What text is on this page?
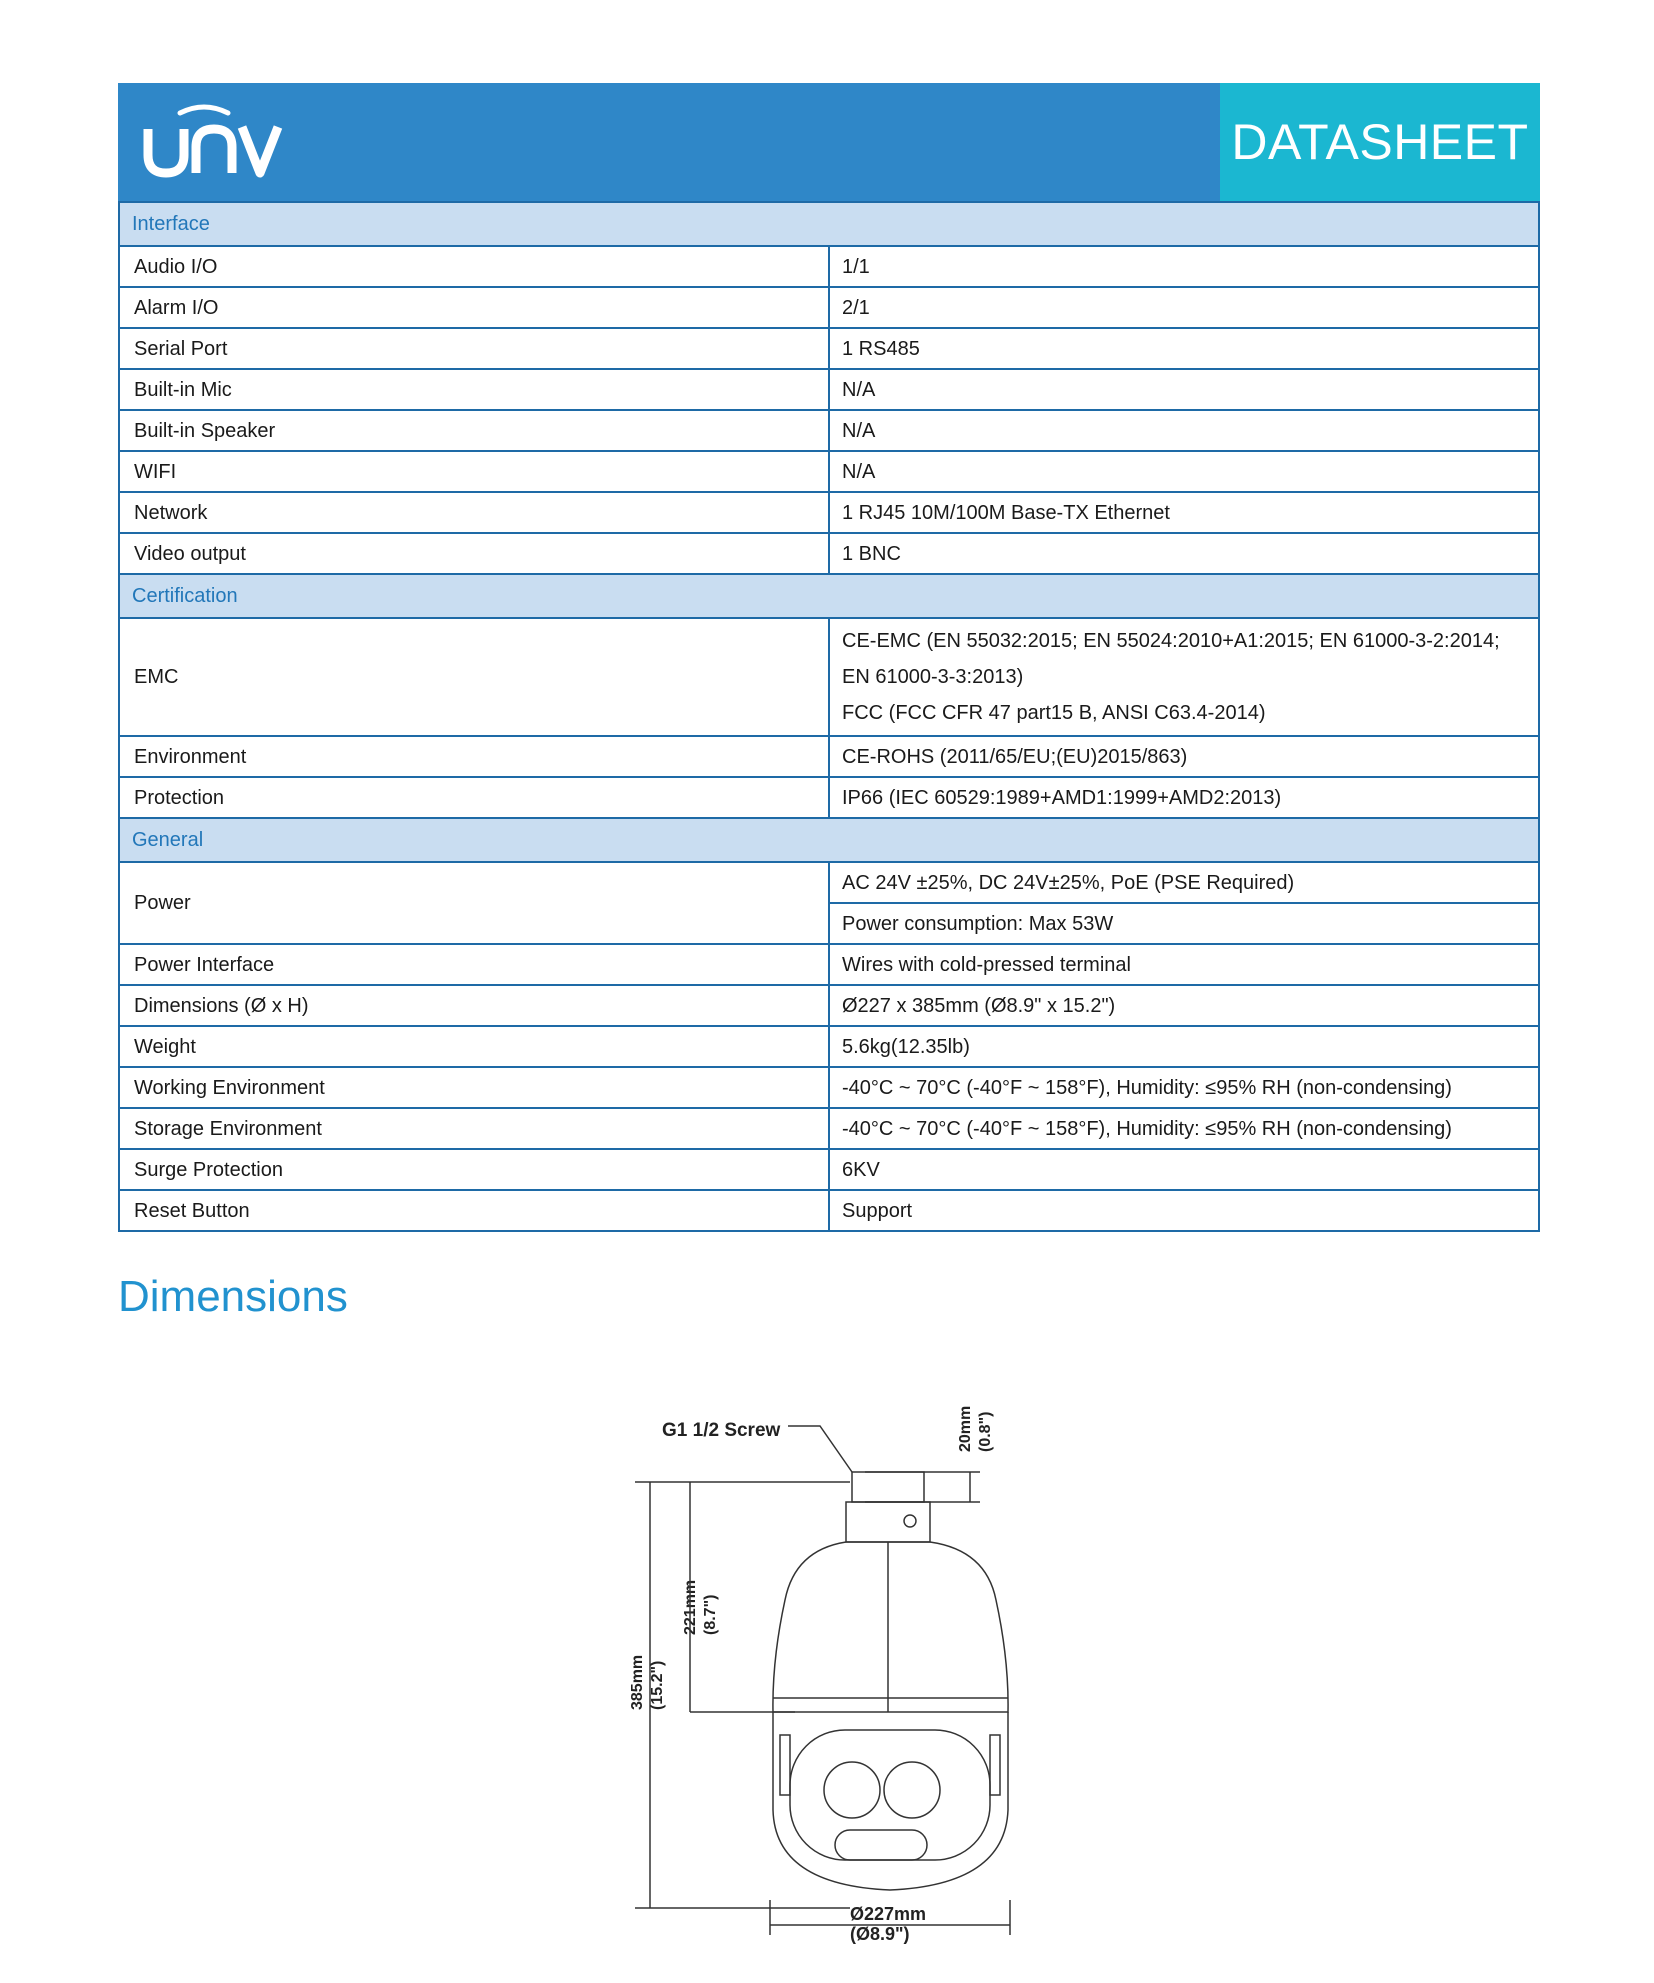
DATASHEET
Interface	
Audio I/O	1/1
Alarm I/O	2/1
Serial Port	1 RS485
Built-in Mic	N/A
Built-in Speaker	N/A
WIFI	N/A
Network	1 RJ45 10M/100M Base-TX Ethernet
Video output	1 BNC
Certification	
EMC	CE-EMC (EN 55032:2015; EN 55024:2010+A1:2015; EN 61000-3-2:2014; EN 61000-3-3:2013)
FCC (FCC CFR 47 part15 B, ANSI C63.4-2014)

Environment	CE-ROHS (2011/65/EU;(EU)2015/863)
Protection	IP66 (IEC 60529:1989+AMD1:1999+AMD2:2013)
General	
Power	AC 24V ±25%, DC 24V±25%, PoE (PSE Required)
	Power consumption: Max 53W
Power Interface	Wires with cold-pressed terminal
Dimensions (Ø x H)	Ø227 x 385mm (Ø8.9" x 15.2")
Weight	5.6kg(12.35lb)
Working Environment	-40°C ~ 70°C (-40°F ~ 158°F), Humidity: ≤95% RH (non-condensing)
Storage Environment	-40°C ~ 70°C (-40°F ~ 158°F), Humidity: ≤95% RH (non-condensing)
Surge Protection	6KV
Reset Button	Support
Dimensions
G1 1/2 Screw	20mm (0.8")
221mm (8.7")
385mm (15.2")
Ø227mm
(Ø8.9")
